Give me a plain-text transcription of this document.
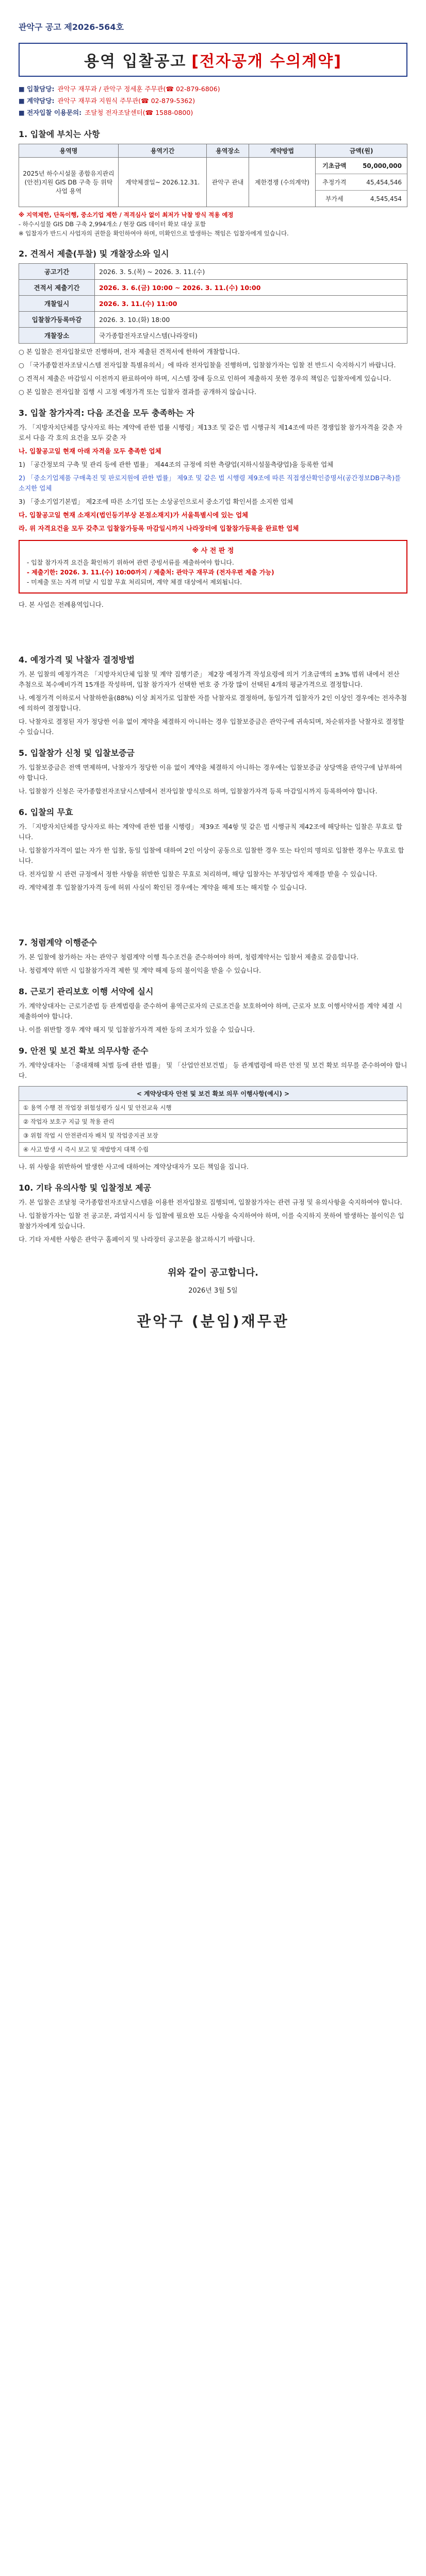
관악구 공고 제2026-564호
용역 입찰공고 [전자공개 수의계약]
■ 입찰담당: 관악구 재무과 / 관악구 정세훈 주무관(☎ 02-879-6806)
■ 계약담당: 관악구 재무과 지원식 주무관(☎ 02-879-5362)
■ 전자입찰 이용문의: 조달청 전자조달센터(☎ 1588-0800)
1. 입찰에 부치는 사항
용역명	용역기간	용역장소	계약방법	금액(원)
2025년 하수시설물 종합유지관리(안전)지원 GIS DB 구축 등 위탁 사업 용역	계약체결일~ 2026.12.31.	관악구 관내	제한경쟁 (수의계약)	
기초금액	50,000,000
추정가격	45,454,546
부가세	4,545,454
※ 지역제한, 단독이행, 중소기업 제한 / 적격심사 없이 최저가 낙찰 방식 적용 예정
- 하수시설물 GIS DB 구축 2,994개소 / 현장 GIS 데이터 확보 대상 포함
※ 입찰자가 반드시 사업자의 권한을 확인하여야 하며, 미확인으로 발생하는 책임은 입찰자에게 있습니다.
2. 견적서 제출(투찰) 및 개찰장소와 일시
공고기간	2026. 3. 5.(목) ~ 2026. 3. 11.(수)
견적서 제출기간	2026. 3. 6.(금) 10:00 ~ 2026. 3. 11.(수) 10:00
개찰일시	2026. 3. 11.(수) 11:00
입찰참가등록마감	2026. 3. 10.(화) 18:00
개찰장소	국가종합전자조달시스템(나라장터)
○ 본 입찰은 전자입찰로만 진행하며, 전자 제출된 견적서에 한하여 개찰합니다.
○ 「국가종합전자조달시스템 전자입찰 특별유의서」에 따라 전자입찰을 진행하며, 입찰참가자는 입찰 전 반드시 숙지하시기 바랍니다.
○ 견적서 제출은 마감일시 이전까지 완료하여야 하며, 시스템 장애 등으로 인하여 제출하지 못한 경우의 책임은 입찰자에게 있습니다.
○ 본 입찰은 전자입찰 집행 시 고정 예정가격 또는 입찰자 결과를 공개하지 않습니다.
3. 입찰 참가자격: 다음 조건을 모두 충족하는 자
가. 「지방자치단체를 당사자로 하는 계약에 관한 법률 시행령」제13조 및 같은 법 시행규칙 제14조에 따른 경쟁입찰 참가자격을 갖춘 자로서 다음 각 호의 요건을 모두 갖춘 자
나. 입찰공고일 현재 아래 자격을 모두 충족한 업체
1) 「공간정보의 구축 및 관리 등에 관한 법률」 제44조의 규정에 의한 측량업(지하시설물측량업)을 등록한 업체
2) 「중소기업제품 구매촉진 및 판로지원에 관한 법률」 제9조 및 같은 법 시행령 제9조에 따른 직접생산확인증명서(공간정보DB구축)를 소지한 업체
3) 「중소기업기본법」 제2조에 따른 소기업 또는 소상공인으로서 중소기업 확인서를 소지한 업체
다. 입찰공고일 현재 소재지(법인등기부상 본점소재지)가 서울특별시에 있는 업체
라. 위 자격요건을 모두 갖추고 입찰참가등록 마감일시까지 나라장터에 입찰참가등록을 완료한 업체
※ 사 전 판 정
- 입찰 참가자격 요건을 확인하기 위하여 관련 증빙서류를 제출하여야 합니다.
- 제출기한: 2026. 3. 11.(수) 10:00까지 / 제출처: 관악구 재무과 (전자우편 제출 가능)
- 미제출 또는 자격 미달 시 입찰 무효 처리되며, 계약 체결 대상에서 제외됩니다.
다. 본 사업은 전례용역입니다.
4. 예정가격 및 낙찰자 결정방법
가. 본 입찰의 예정가격은 「지방자치단체 입찰 및 계약 집행기준」 제2장 예정가격 작성요령에 의거 기초금액의 ±3% 범위 내에서 전산 추첨으로 복수예비가격 15개를 작성하며, 입찰 참가자가 선택한 번호 중 가장 많이 선택된 4개의 평균가격으로 결정합니다.
나. 예정가격 이하로서 낙찰하한율(88%) 이상 최저가로 입찰한 자를 낙찰자로 결정하며, 동일가격 입찰자가 2인 이상인 경우에는 전자추첨에 의하여 결정합니다.
다. 낙찰자로 결정된 자가 정당한 이유 없이 계약을 체결하지 아니하는 경우 입찰보증금은 관악구에 귀속되며, 차순위자를 낙찰자로 결정할 수 있습니다.
5. 입찰참가 신청 및 입찰보증금
가. 입찰보증금은 전액 면제하며, 낙찰자가 정당한 이유 없이 계약을 체결하지 아니하는 경우에는 입찰보증금 상당액을 관악구에 납부하여야 합니다.
나. 입찰참가 신청은 국가종합전자조달시스템에서 전자입찰 방식으로 하며, 입찰참가자격 등록 마감일시까지 등록하여야 합니다.
6. 입찰의 무효
가. 「지방자치단체를 당사자로 하는 계약에 관한 법률 시행령」 제39조 제4항 및 같은 법 시행규칙 제42조에 해당하는 입찰은 무효로 합니다.
나. 입찰참가자격이 없는 자가 한 입찰, 동일 입찰에 대하여 2인 이상이 공동으로 입찰한 경우 또는 타인의 명의로 입찰한 경우는 무효로 합니다.
다. 전자입찰 시 관련 규정에서 정한 사항을 위반한 입찰은 무효로 처리하며, 해당 입찰자는 부정당업자 제재를 받을 수 있습니다.
라. 계약체결 후 입찰참가자격 등에 허위 사실이 확인된 경우에는 계약을 해제 또는 해지할 수 있습니다.
7. 청렴계약 이행준수
가. 본 입찰에 참가하는 자는 관악구 청렴계약 이행 특수조건을 준수하여야 하며, 청렴계약서는 입찰서 제출로 갈음합니다.
나. 청렴계약 위반 시 입찰참가자격 제한 및 계약 해제 등의 불이익을 받을 수 있습니다.
8. 근로기 관리보호 이행 서약에 실시
가. 계약상대자는 근로기준법 등 관계법령을 준수하여 용역근로자의 근로조건을 보호하여야 하며, 근로자 보호 이행서약서를 계약 체결 시 제출하여야 합니다.
나. 이를 위반할 경우 계약 해지 및 입찰참가자격 제한 등의 조치가 있을 수 있습니다.
9. 안전 및 보건 확보 의무사항 준수
가. 계약상대자는 「중대재해 처벌 등에 관한 법률」 및 「산업안전보건법」 등 관계법령에 따른 안전 및 보건 확보 의무를 준수하여야 합니다.
< 계약상대자 안전 및 보건 확보 의무 이행사항(예시) >
① 용역 수행 전 작업장 위험성평가 실시 및 안전교육 시행
② 작업자 보호구 지급 및 착용 관리
③ 위험 작업 시 안전관리자 배치 및 작업중지권 보장
④ 사고 발생 시 즉시 보고 및 재발방지 대책 수립
나. 위 사항을 위반하여 발생한 사고에 대하여는 계약상대자가 모든 책임을 집니다.
10. 기타 유의사항 및 입찰정보 제공
가. 본 입찰은 조달청 국가종합전자조달시스템을 이용한 전자입찰로 집행되며, 입찰참가자는 관련 규정 및 유의사항을 숙지하여야 합니다.
나. 입찰참가자는 입찰 전 공고문, 과업지시서 등 입찰에 필요한 모든 사항을 숙지하여야 하며, 이를 숙지하지 못하여 발생하는 불이익은 입찰참가자에게 있습니다.
다. 기타 자세한 사항은 관악구 홈페이지 및 나라장터 공고문을 참고하시기 바랍니다.
위와 같이 공고합니다.
2026년 3월 5일
관악구 (분임)재무관
